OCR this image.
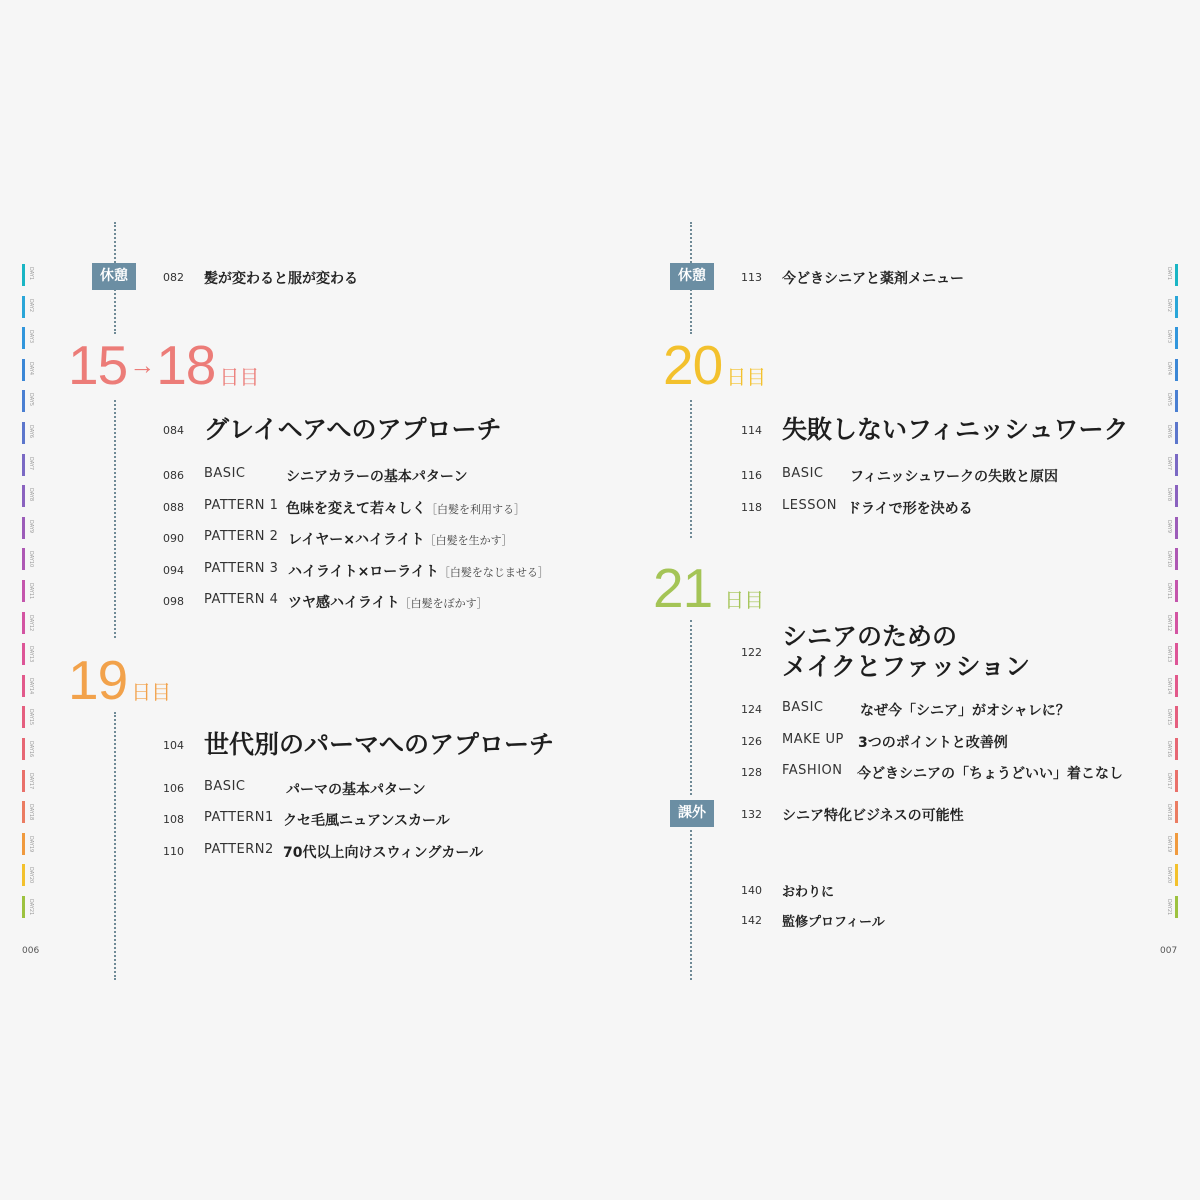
休憩	082 髪が変わると服が変わる
15→18 日目
084 グレイヘアへのアプローチ
086 BASIC	シニアカラーの基本パターン
088 PATTERN 1 色味を変えて若々しく［白髪を利用する］
090 PATTERN 2 レイヤー×ハイライト［白髪を生かす］
094 PATTERN 3 ハイライト×ローライト［白髪をなじませる］
098 PATTERN 4 ツヤ感ハイライト［白髪をぼかす］
19 日目
104 世代別のパーマへのアプローチ
106 BASIC	パーマの基本パターン
108 PATTERN1 クセ毛風ニュアンスカール
110 PATTERN2 70代以上向けスウィングカール
006
休憩	113 今どきシニアと薬剤メニュー
20 日目
114 失敗しないフィニッシュワーク
116 BASIC フィニッシュワークの失敗と原因
118 LESSON ドライで形を決める
21 日目
122
シニアのための
メイクとファッション
124 BASIC	なぜ今「シニア」がオシャレに？
126 MAKE UP 3つのポイントと改善例
128 FASHION 今どきシニアの「ちょうどいい」着こなし
課外	132 シニア特化ビジネスの可能性
140 おわりに
142 監修プロフィール
007
DAY1
DAY2
DAY3
DAY4
DAY5
DAY6
DAY7
DAY8
DAY9
DAY10
DAY11
DAY12
DAY13
DAY14
DAY15
DAY16
DAY17
DAY18
DAY19
DAY20
DAY21
DAY1
DAY2
DAY3
DAY4
DAY5
DAY6
DAY7
DAY8
DAY9
DAY10
DAY11
DAY12
DAY13
DAY14
DAY15
DAY16
DAY17
DAY18
DAY19
DAY20
DAY21
